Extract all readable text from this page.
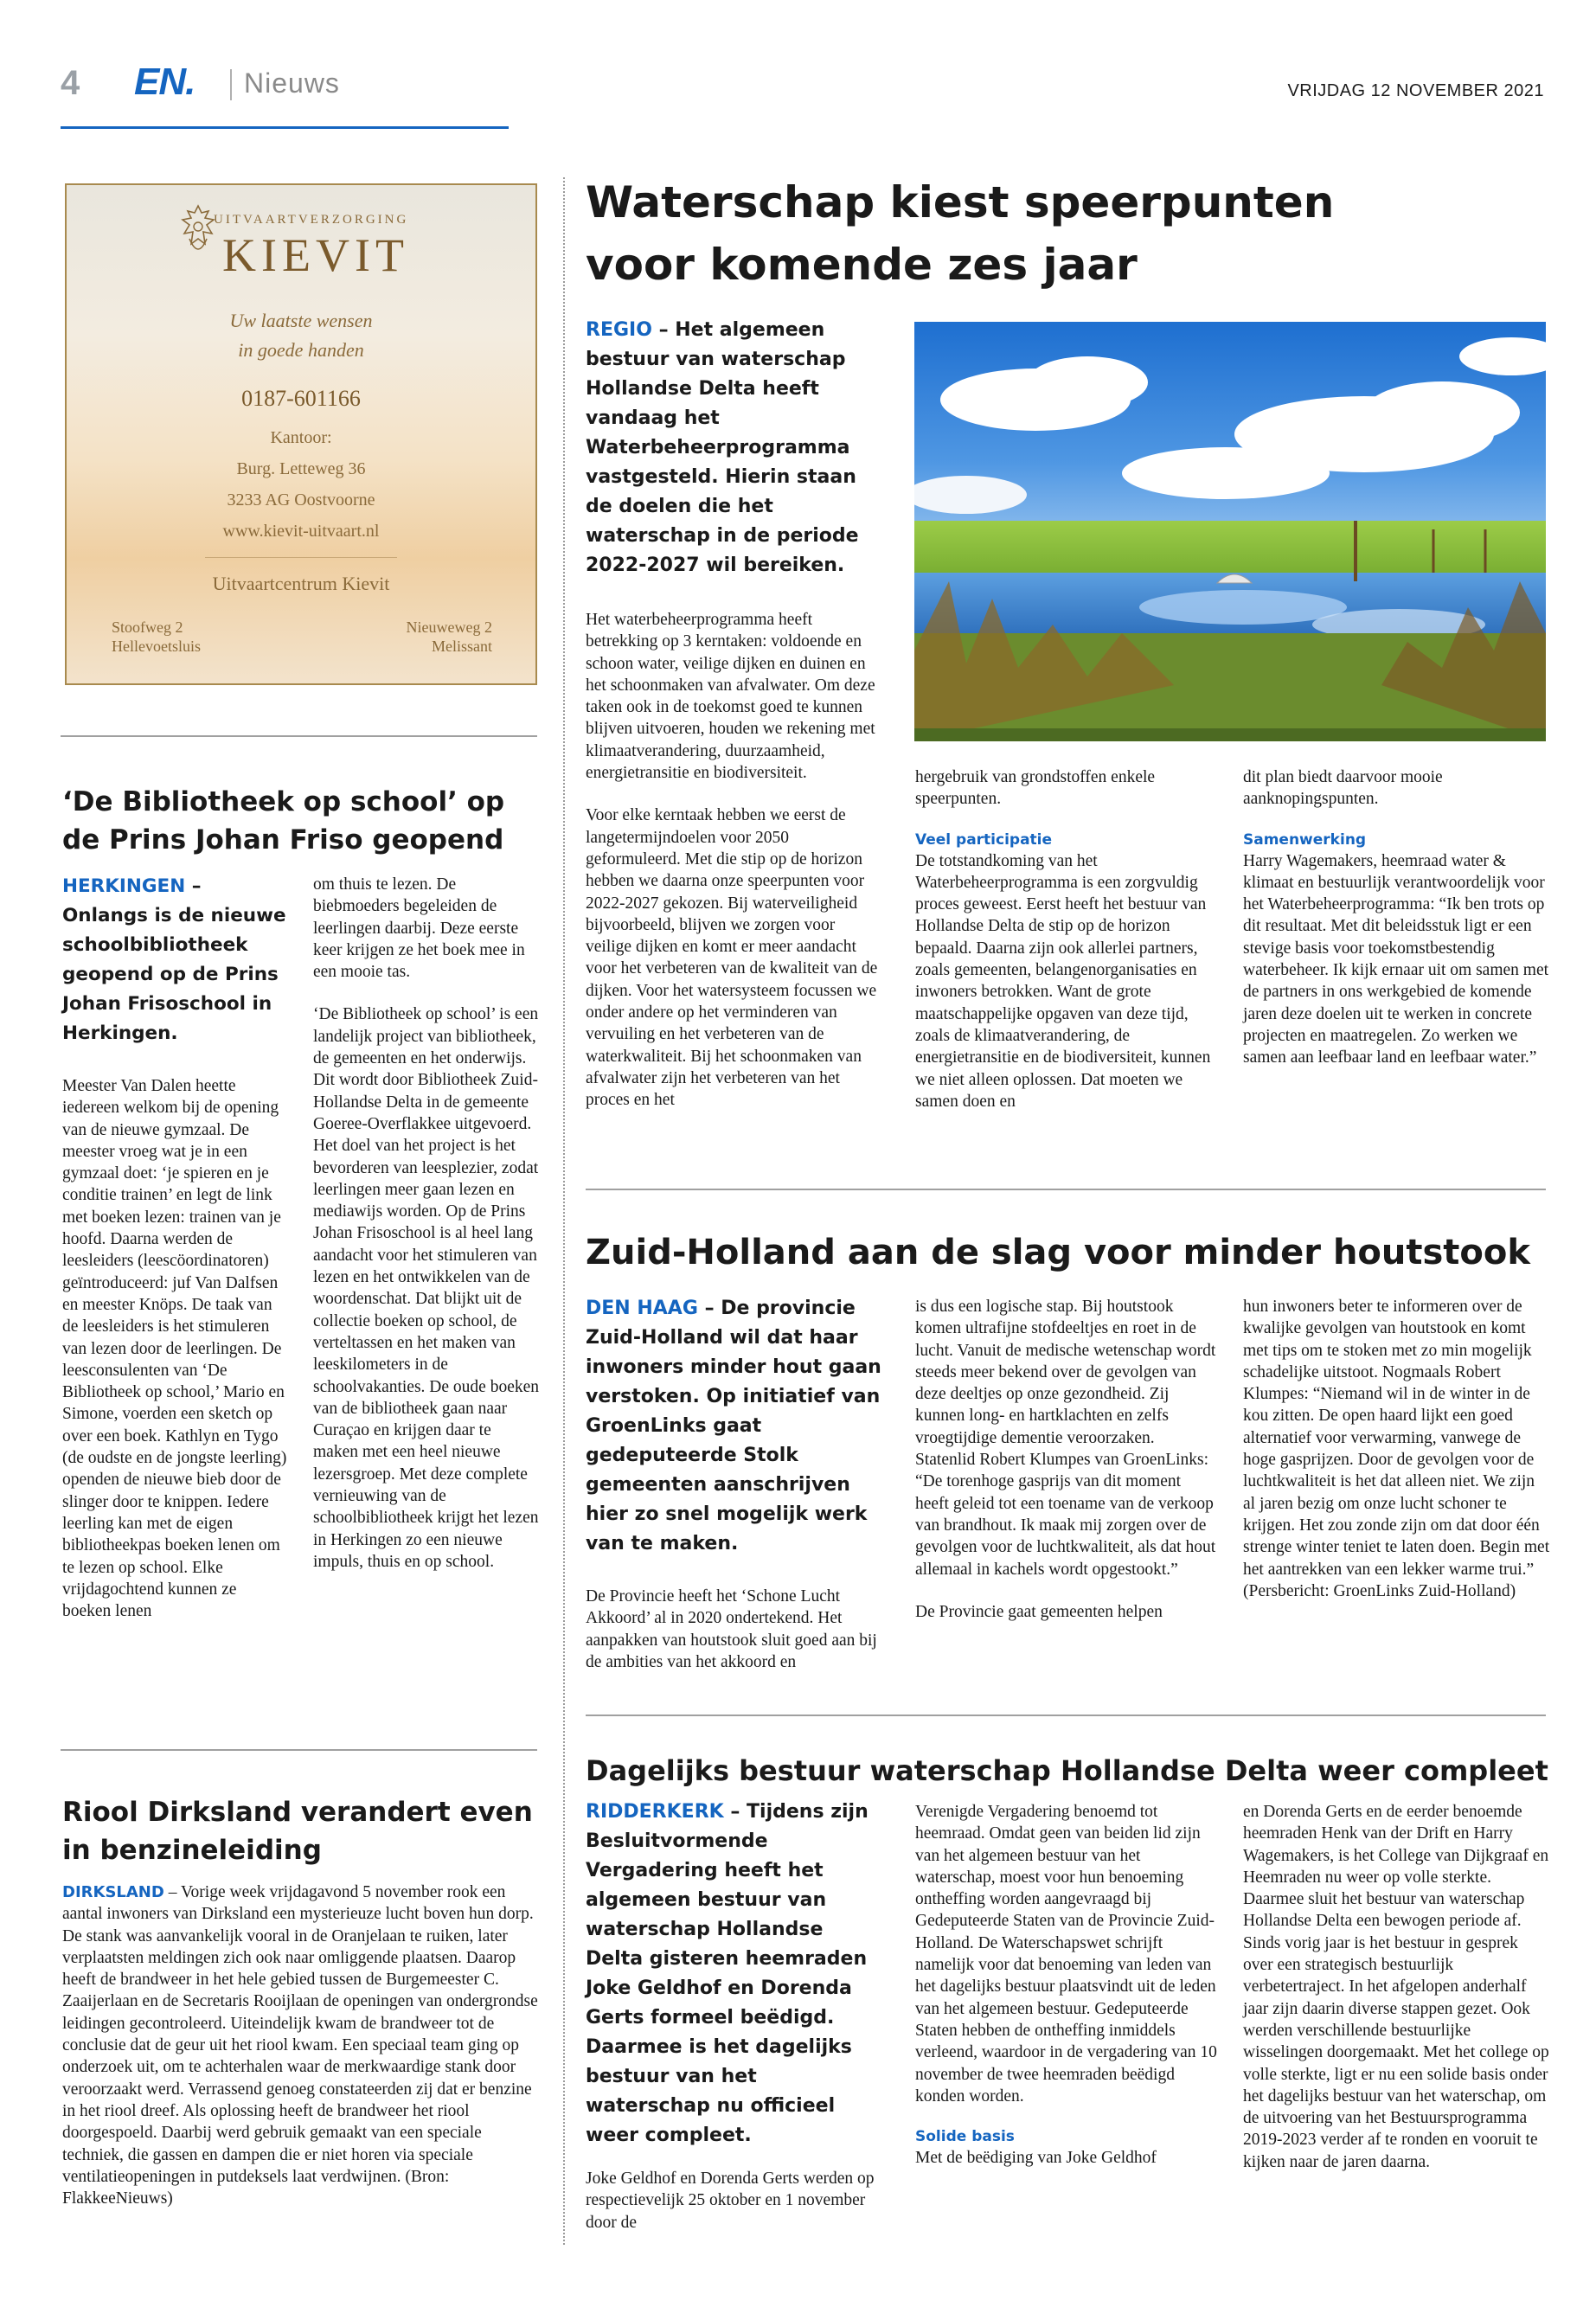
4 EN. Nieuws	VRIJDAG 12 NOVEMBER 2021
UITVAARTVERZORGING
KIEVIT
Uw laatste wensen
in goede handen
0187-601166
Kantoor:
Burg. Letteweg 36
3233 AG Oostvoorne
www.kievit-uitvaart.nl
Uitvaartcentrum Kievit
Stoofweg 2
Hellevoetsluis
Nieuweweg 2
Melissant
‘De Bibliotheek op school’ op de Prins Johan Friso geopend
HERKINGEN – Onlangs is de nieuwe schoolbibliotheek geopend op de Prins Johan Frisoschool in Herkingen.

Meester Van Dalen heette iedereen welkom bij de opening van de nieuwe gymzaal. De meester vroeg wat je in een gymzaal doet: ‘je spieren en je conditie trainen’ en legt de link met boeken lezen: trainen van je hoofd. Daarna werden de leesleiders (leescöordinatoren) geïntroduceerd: juf Van Dalfsen en meester Knöps. De taak van de leesleiders is het stimuleren van lezen door de leerlingen. De leesconsulenten van ‘De Bibliotheek op school,’ Mario en Simone, voerden een sketch op over een boek. Kathlyn en Tygo (de oudste en de jongste leerling) openden de nieuwe bieb door de slinger door te knippen. Iedere leerling kan met de eigen bibliotheekpas boeken lenen om te lezen op school. Elke vrijdagochtend kunnen ze boeken lenen

om thuis te lezen. De biebmoeders begeleiden de leerlingen daarbij. Deze eerste keer krijgen ze het boek mee in een mooie tas.

‘De Bibliotheek op school’ is een landelijk project van bibliotheek, de gemeenten en het onderwijs. Dit wordt door Bibliotheek Zuid-Hollandse Delta in de gemeente Goeree-Overflakkee uitgevoerd. Het doel van het project is het bevorderen van leesplezier, zodat leerlingen meer gaan lezen en mediawijs worden. Op de Prins Johan Frisoschool is al heel lang aandacht voor het stimuleren van lezen en het ontwikkelen van de woordenschat. Dat blijkt uit de collectie boeken op school, de verteltassen en het maken van leeskilometers in de schoolvakanties. De oude boeken van de bibliotheek gaan naar Curaçao en krijgen daar te maken met een heel nieuwe lezersgroep. Met deze complete vernieuwing van de schoolbibliotheek krijgt het lezen in Herkingen zo een nieuwe impuls, thuis en op school.

Riool Dirksland verandert even in benzineleiding

DIRKSLAND – Vorige week vrijdagavond 5 november rook een aantal inwoners van Dirksland een mysterieuze lucht boven hun dorp. De stank was aanvankelijk vooral in de Oranjelaan te ruiken, later verplaatsten meldingen zich ook naar omliggende plaatsen. Daarop heeft de brandweer in het hele gebied tussen de Burgemeester C. Zaaijerlaan en de Secretaris Rooijlaan de openingen van ondergrondse leidingen gecontroleerd. Uiteindelijk kwam de brandweer tot de conclusie dat de geur uit het riool kwam. Een speciaal team ging op onderzoek uit, om te achterhalen waar de merkwaardige stank door veroorzaakt werd. Verrassend genoeg constateerden zij dat er benzine in het riool dreef. Als oplossing heeft de brandweer het riool doorgespoeld. Daarbij werd gebruik gemaakt van een speciale techniek, die gassen en dampen die er niet horen via speciale ventilatieopeningen in putdeksels laat verdwijnen. (Bron: FlakkeeNieuws)

Waterschap kiest speerpunten
voor komende zes jaar
REGIO – Het algemeen bestuur van waterschap Hollandse Delta heeft vandaag het Waterbeheerprogramma vastgesteld. Hierin staan de doelen die het waterschap in de periode 2022-2027 wil bereiken.

Het waterbeheerprogramma heeft betrekking op 3 kerntaken: voldoende en schoon water, veilige dijken en duinen en het schoonmaken van afvalwater. Om deze taken ook in de toekomst goed te kunnen blijven uitvoeren, houden we rekening met klimaatverandering, duurzaamheid, energietransitie en biodiversiteit.

Voor elke kerntaak hebben we eerst de langetermijndoelen voor 2050 geformuleerd. Met die stip op de horizon hebben we daarna onze speerpunten voor 2022-2027 gekozen. Bij waterveiligheid bijvoorbeeld, blijven we zorgen voor veilige dijken en komt er meer aandacht voor het verbeteren van de kwaliteit van de dijken. Voor het watersysteem focussen we onder andere op het verminderen van vervuiling en het verbeteren van de waterkwaliteit. Bij het schoonmaken van afvalwater zijn het verbeteren van het proces en het

hergebruik van grondstoffen enkele speerpunten.

Veel participatie

De totstandkoming van het Waterbeheerprogramma is een zorgvuldig proces geweest. Eerst heeft het bestuur van Hollandse Delta de stip op de horizon bepaald. Daarna zijn ook allerlei partners, zoals gemeenten, belangenorganisaties en inwoners betrokken. Want de grote maatschappelijke opgaven van deze tijd, zoals de klimaatverandering, de energietransitie en de biodiversiteit, kunnen we niet alleen oplossen. Dat moeten we samen doen en

dit plan biedt daarvoor mooie aanknopingspunten.

Samenwerking

Harry Wagemakers, heemraad water & klimaat en bestuurlijk verantwoordelijk voor het Waterbeheerprogramma: “Ik ben trots op dit resultaat. Met dit beleidsstuk ligt er een stevige basis voor toekomstbestendig waterbeheer. Ik kijk ernaar uit om samen met de partners in ons werkgebied de komende jaren deze doelen uit te werken in concrete projecten en maatregelen. Zo werken we samen aan leefbaar land en leefbaar water.”

Zuid-Holland aan de slag voor minder houtstook
DEN HAAG – De provincie Zuid-Holland wil dat haar inwoners minder hout gaan verstoken. Op initiatief van GroenLinks gaat gedeputeerde Stolk gemeenten aanschrijven hier zo snel mogelijk werk van te maken.

De Provincie heeft het ‘Schone Lucht Akkoord’ al in 2020 ondertekend. Het aanpakken van houtstook sluit goed aan bij de ambities van het akkoord en

is dus een logische stap. Bij houtstook komen ultrafijne stofdeeltjes en roet in de lucht. Vanuit de medische wetenschap wordt steeds meer bekend over de gevolgen van deze deeltjes op onze gezondheid. Zij kunnen long- en hartklachten en zelfs vroegtijdige dementie veroorzaken. Statenlid Robert Klumpes van GroenLinks: “De torenhoge gasprijs van dit moment heeft geleid tot een toename van de verkoop van brandhout. Ik maak mij zorgen over de gevolgen voor de luchtkwaliteit, als dat hout allemaal in kachels wordt opgestookt.”

De Provincie gaat gemeenten helpen

hun inwoners beter te informeren over de kwalijke gevolgen van houtstook en komt met tips om te stoken met zo min mogelijk schadelijke uitstoot. Nogmaals Robert Klumpes: “Niemand wil in de winter in de kou zitten. De open haard lijkt een goed alternatief voor verwarming, vanwege de hoge gasprijzen. Door de gevolgen voor de luchtkwaliteit is het dat alleen niet. We zijn al jaren bezig om onze lucht schoner te krijgen. Het zou zonde zijn om dat door één strenge winter teniet te laten doen. Begin met het aantrekken van een lekker warme trui.” (Persbericht: GroenLinks Zuid-Holland)

Dagelijks bestuur waterschap Hollandse Delta weer compleet
RIDDERKERK – Tijdens zijn Besluitvormende Vergadering heeft het algemeen bestuur van waterschap Hollandse Delta gisteren heemraden Joke Geldhof en Dorenda Gerts formeel beëdigd. Daarmee is het dagelijks bestuur van het waterschap nu officieel weer compleet.

Joke Geldhof en Dorenda Gerts werden op respectievelijk 25 oktober en 1 november door de

Verenigde Vergadering benoemd tot heemraad. Omdat geen van beiden lid zijn van het algemeen bestuur van het waterschap, moest voor hun benoeming ontheffing worden aangevraagd bij Gedeputeerde Staten van de Provincie Zuid-Holland. De Waterschapswet schrijft namelijk voor dat benoeming van leden van het dagelijks bestuur plaatsvindt uit de leden van het algemeen bestuur. Gedeputeerde Staten hebben de ontheffing inmiddels verleend, waardoor in de vergadering van 10 november de twee heemraden beëdigd konden worden.

Solide basis

Met de beëdiging van Joke Geldhof

en Dorenda Gerts en de eerder benoemde heemraden Henk van der Drift en Harry Wagemakers, is het College van Dijkgraaf en Heemraden nu weer op volle sterkte. Daarmee sluit het bestuur van waterschap Hollandse Delta een bewogen periode af. Sinds vorig jaar is het bestuur in gesprek over een strategisch bestuurlijk verbetertraject. In het afgelopen anderhalf jaar zijn daarin diverse stappen gezet. Ook werden verschillende bestuurlijke wisselingen doorgemaakt. Met het college op volle sterkte, ligt er nu een solide basis onder het dagelijks bestuur van het waterschap, om de uitvoering van het Bestuursprogramma 2019-2023 verder af te ronden en vooruit te kijken naar de jaren daarna.
